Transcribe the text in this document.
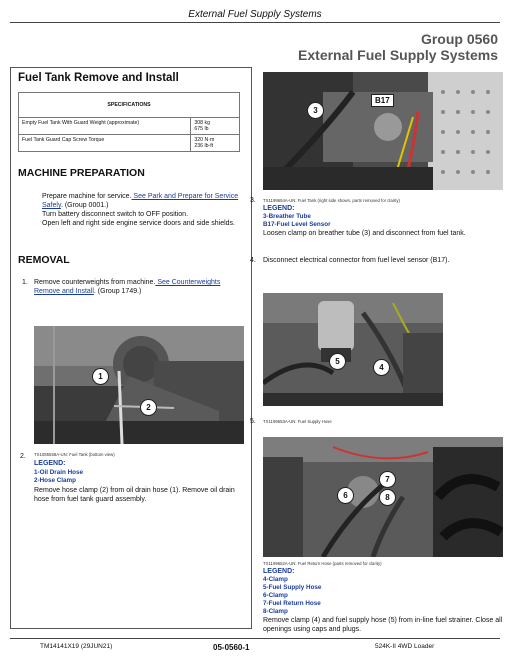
External Fuel Supply Systems
Group 0560
External Fuel Supply Systems
Fuel Tank Remove and Install
SPECIFICATIONS	
Empty Fuel Tank With Guard Weight (approximate)	308 kg
675 lb
Fuel Tank Guard Cap Screw Torque	320 N·m
236 lb-ft
MACHINE PREPARATION
Prepare machine for service. See Park and Prepare for Service Safely. (Group 0001.)
Turn battery disconnect switch to OFF position.
Open left and right side engine service doors and side shields.
REMOVAL
1. Remove counterweights from machine. See Counterweights Remove and Install. (Group 1749.)
1
2
2. TX1085558A-UN: Fuel Tank (bottom view)
LEGEND:
1-Oil Drain Hose
2-Hose Clamp
Remove hose clamp (2) from oil drain hose (1). Remove oil drain hose from fuel tank guard assembly.
3
B17
3. TX1199654A-UN: Fuel Tank (right side shown, parts removed for clarity)
LEGEND:
3-Breather Tube
B17-Fuel Level Sensor
Loosen clamp on breather tube (3) and disconnect from fuel tank.
4. Disconnect electrical connector from fuel level sensor (B17).
5
4
5. TX1199653A-UN: Fuel Supply Hose
7
6	8
TX1199652A-UN: Fuel Return Hose (parts removed for clarity)
LEGEND:
4-Clamp
5-Fuel Supply Hose
6-Clamp
7-Fuel Return Hose
8-Clamp
Remove clamp (4) and fuel supply hose (5) from in-line fuel strainer. Close all openings using caps and plugs.
TM14141X19 (29JUN21)	05-0560-1	524K-II 4WD Loader
